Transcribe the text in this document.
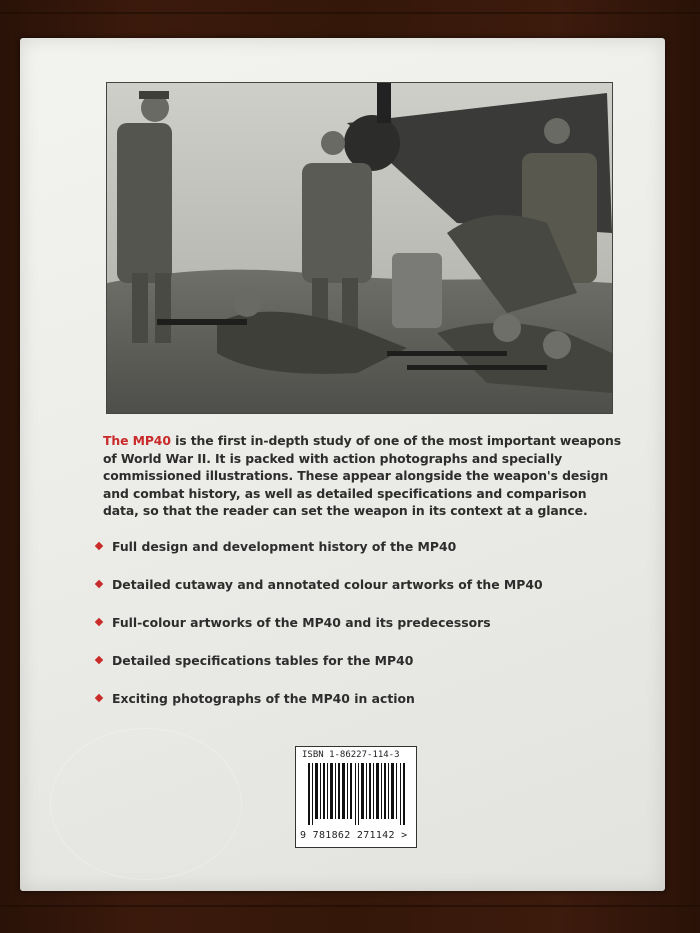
The MP40 is the first in-depth study of one of the most important weapons of World War II. It is packed with action photographs and specially commissioned illustrations. These appear alongside the weapon's design and combat history, as well as detailed specifications and comparison data, so that the reader can set the weapon in its context at a glance.
Full design and development history of the MP40
Detailed cutaway and annotated colour artworks of the MP40
Full-colour artworks of the MP40 and its predecessors
Detailed specifications tables for the MP40
Exciting photographs of the MP40 in action
ISBN 1-86227-114-3
9 781862 271142 >
